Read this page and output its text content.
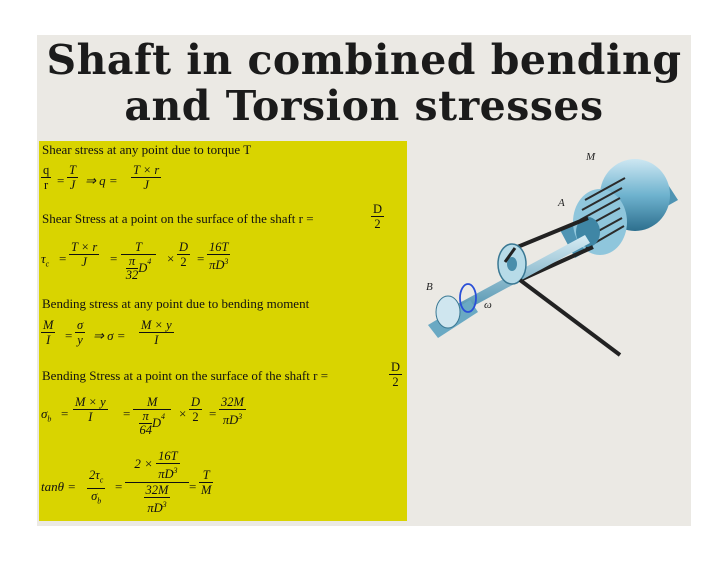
Shaft in combined bending
and Torsion stresses
Shear stress at any point due to torque T
$\frac{q}{r} = \frac{T}{J}$ ⇒ $q = \frac{T \times r}{J}$
Shear Stress at a point on the surface of the shaft r =	$\frac{D}{2}$
$\tau_c = \frac{T \times r}{J} = \frac{T}{\frac{\pi}{32} D^4} \times \frac{D}{2} = \frac{16T}{\pi D^3}$
Bending stress at any point due to bending moment
$\frac{M}{I} = \frac{\sigma}{y}$ ⇒ $\sigma = \frac{M \times y}{I}$
Bending Stress at a point on the surface of the shaft r =	$\frac{D}{2}$
$\sigma_b = \frac{M \times y}{I} = \frac{M}{\frac{\pi}{64} D^4} \times \frac{D}{2} = \frac{32M}{\pi D^3}$
$\tan\theta = \frac{2\tau_c}{\sigma_b}$ =
$2 \times \frac{16T}{\pi D^3}$
$\frac{32M}{\pi D^3} = \frac{T}{M}$
M
A
B
ω
